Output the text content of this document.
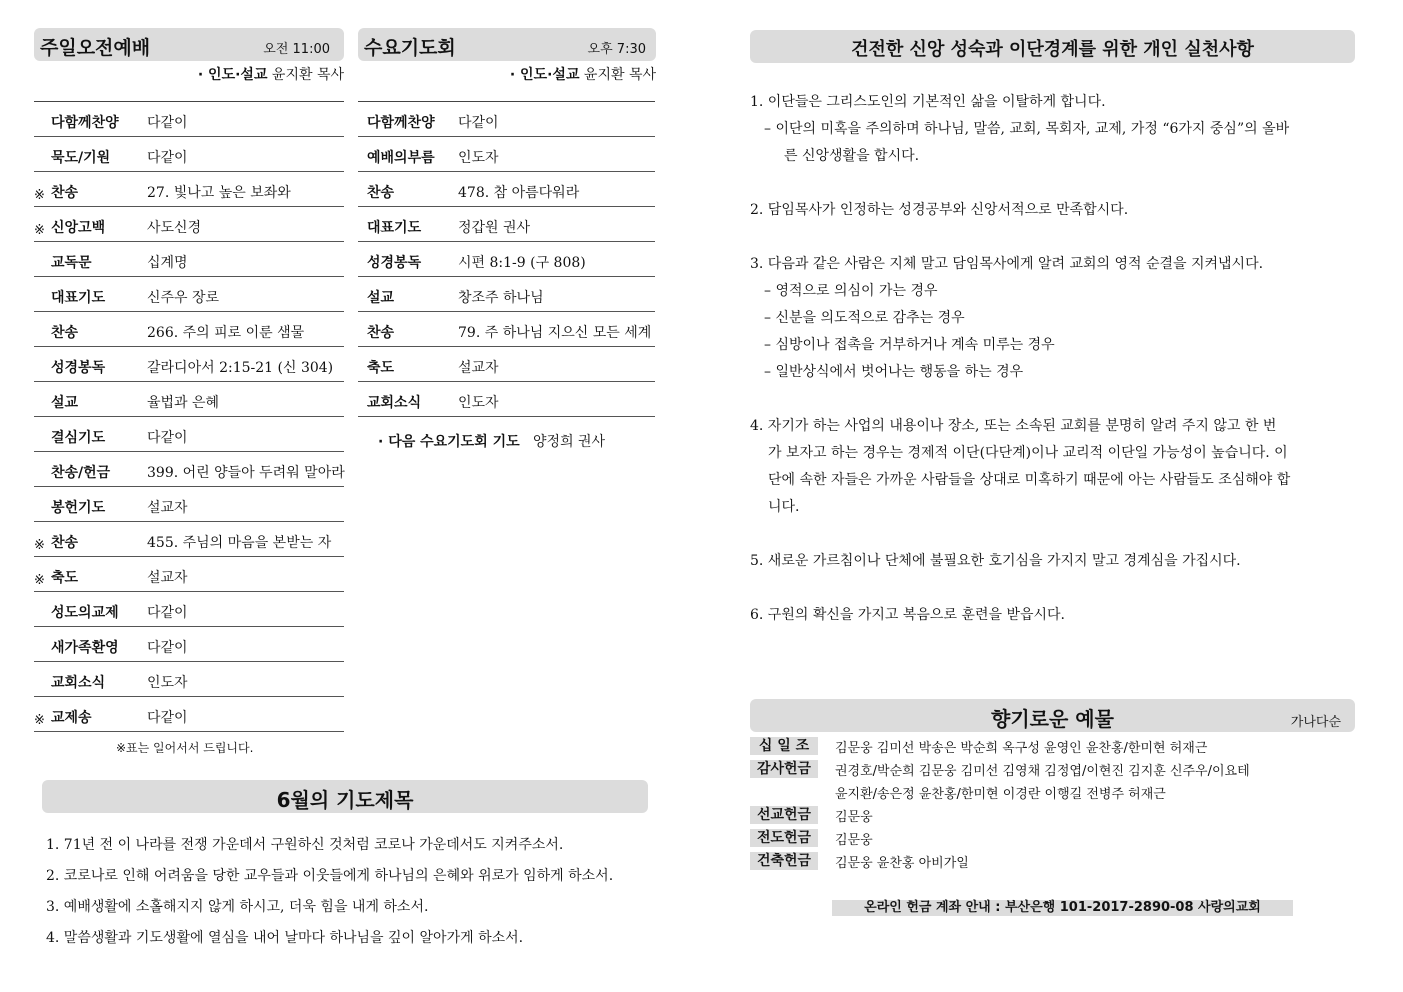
주일오전예배	오전 11:00
· 인도·설교 윤지환 목사
다함께찬양	다같이
묵도/기원	다같이
※ 찬송	27. 빛나고 높은 보좌와
※ 신앙고백	사도신경
교독문	십계명
대표기도	신주우 장로
찬송	266. 주의 피로 이룬 샘물
성경봉독	갈라디아서 2:15-21 (신 304)
설교	율법과 은혜
결심기도	다같이
찬송/헌금	399. 어린 양들아 두려워 말아라
봉헌기도	설교자
※ 찬송	455. 주님의 마음을 본받는 자
※ 축도	설교자
성도의교제	다같이
새가족환영	다같이
교회소식	인도자
※ 교제송	다같이
※표는 일어서서 드립니다.
수요기도회	오후 7:30
· 인도·설교 윤지환 목사
다함께찬양 다같이
예배의부름 인도자
찬송	478. 참 아름다워라
대표기도	정갑원 권사
성경봉독	시편 8:1-9 (구 808)
설교	창조주 하나님
찬송	79. 주 하나님 지으신 모든 세계
축도	설교자
교회소식	인도자
· 다음 수요기도회 기도 양정희 권사
6월의 기도제목
1. 71년 전 이 나라를 전쟁 가운데서 구원하신 것처럼 코로나 가운데서도 지켜주소서.
2. 코로나로 인해 어려움을 당한 교우들과 이웃들에게 하나님의 은혜와 위로가 임하게 하소서.
3. 예배생활에 소홀해지지 않게 하시고, 더욱 힘을 내게 하소서.
4. 말씀생활과 기도생활에 열심을 내어 날마다 하나님을 깊이 알아가게 하소서.
건전한 신앙 성숙과 이단경계를 위한 개인 실천사항
1. 이단들은 그리스도인의 기본적인 삶을 이탈하게 합니다.
– 이단의 미혹을 주의하며 하나님, 말씀, 교회, 목회자, 교제, 가정 “6가지 중심”의 올바
른 신앙생활을 합시다.
2. 담임목사가 인정하는 성경공부와 신앙서적으로 만족합시다.
3. 다음과 같은 사람은 지체 말고 담임목사에게 알려 교회의 영적 순결을 지켜냅시다.
– 영적으로 의심이 가는 경우
– 신분을 의도적으로 감추는 경우
– 심방이나 접촉을 거부하거나 계속 미루는 경우
– 일반상식에서 벗어나는 행동을 하는 경우
4. 자기가 하는 사업의 내용이나 장소, 또는 소속된 교회를 분명히 알려 주지 않고 한 번
가 보자고 하는 경우는 경제적 이단(다단계)이나 교리적 이단일 가능성이 높습니다. 이
단에 속한 자들은 가까운 사람들을 상대로 미혹하기 때문에 아는 사람들도 조심해야 합
니다.
5. 새로운 가르침이나 단체에 불필요한 호기심을 가지지 말고 경계심을 가집시다.
6. 구원의 확신을 가지고 복음으로 훈련을 받읍시다.
향기로운 예물	가나다순
십 일 조	김문웅 김미선 박송은 박순희 옥구성 윤영인 윤찬홍/한미현 허재근
감사헌금	권경호/박순희 김문웅 김미선 김영채 김정엽/이현진 김지훈 신주우/이요테
윤지환/송은정 윤찬홍/한미현 이경란 이행길 전병주 허재근
선교헌금	김문웅
전도헌금	김문웅
건축헌금	김문웅 윤찬홍 아비가일
온라인 헌금 계좌 안내 : 부산은행 101-2017-2890-08 사랑의교회
